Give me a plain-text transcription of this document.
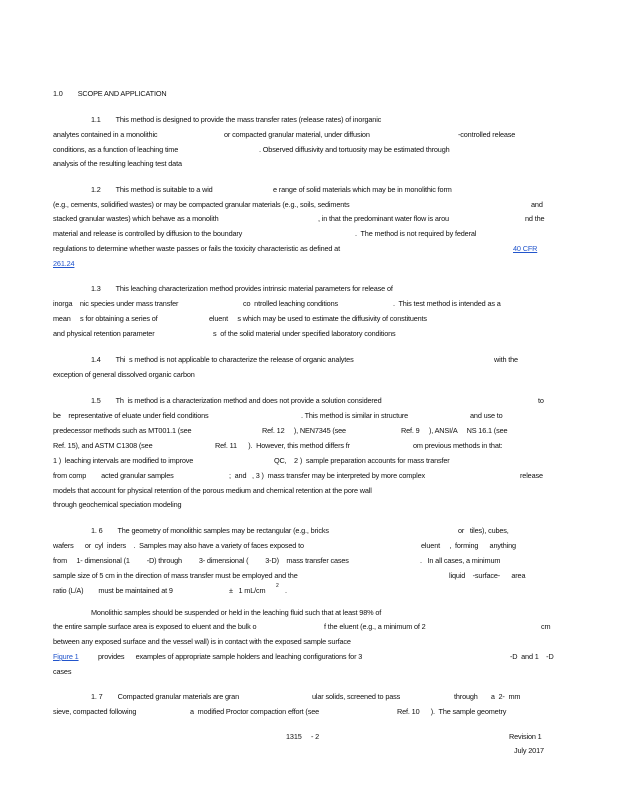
1.0        SCOPE AND APPLICATION
1.1        This method is designed to provide the mass transfer rates (release rates) of inorganic
analytes contained in a monolithic	or compacted granular material, under diffusion	-controlled release
conditions, as a function of leaching time	. Observed diffusivity and tortuosity may be estimated through
analysis of the resulting leaching test data
1.2        This method is suitable to a wid	e range of solid materials which may be in monolithic form
(e.g., cements, solidified wastes) or may be compacted granular materials (e.g., soils, sediments	and
stacked granular wastes) which behave as a monolith	, in that the predominant water flow is arou	nd the
material and release is controlled by diffusion to the boundary	.  The method is not required by federal
regulations to determine whether waste passes or fails the toxicity characteristic as defined at	40 CFR
261.24
1.3        This leaching characterization method provides intrinsic material parameters for release of
inorga    nic species under mass transfer	co  ntrolled leaching conditions	.  This test method is intended as a
mean     s for obtaining a series of	eluent     s which may be used to estimate the diffusivity of constituents
and physical retention parameter	s  of the solid material under specified laboratory conditions
1.4        Thi  s method is not applicable to characterize the release of organic analytes	with the
exception of general dissolved organic carbon
1.5        Th  is method is a characterization method and does not provide a solution considered	to
be    representative of eluate under field conditions	. This method is similar in structure	and use to
predecessor methods such as MT001.1 (see	Ref. 12     ), NEN7345 (see	Ref. 9     ), ANSI/A     NS 16.1 (see
Ref. 15), and ASTM C1308 (see	Ref. 11      ).  However, this method differs fr	om previous methods in that:
1 )  leaching intervals are modified to improve	QC,    2 )  sample preparation accounts for mass transfer
from comp        acted granular samples	;  and   , 3 )  mass transfer may be interpreted by more complex	release
models that account for physical retention of the porous medium and chemical retention at the pore wall
through geochemical speciation modeling
1. 6        The geometry of monolithic samples may be rectangular (e.g., bricks	or   tiles), cubes,
wafers      or  cyl  inders    .  Samples may also have a variety of faces exposed to	eluent     ,  forming      anything
from     1- dimensional (1         -D) through         3- dimensional (         3-D)    mass transfer cases	.   In all cases, a minimum
sample size of 5 cm in the direction of mass transfer must be employed and the	liquid    -surface-      area
ratio (L/A)        must be maintained at 9	±   1 mL/cm 2 .
Monolithic samples should be suspended or held in the leaching fluid such that at least 98% of
the entire sample surface area is exposed to eluent and the bulk o	f the eluent (e.g., a minimum of 2	cm
between any exposed surface and the vessel wall) is in contact with the exposed sample surface
Figure 1	provides      examples of appropriate sample holders and leaching configurations for 3	-D  and 1    -D
cases
1. 7        Compacted granular materials are gran	ular solids, screened to pass	through       a  2-  mm
sieve, compacted following	a  modified Proctor compaction effort (see	Ref. 10      ).  The sample geometry
1315     - 2	Revision 1
July 2017
